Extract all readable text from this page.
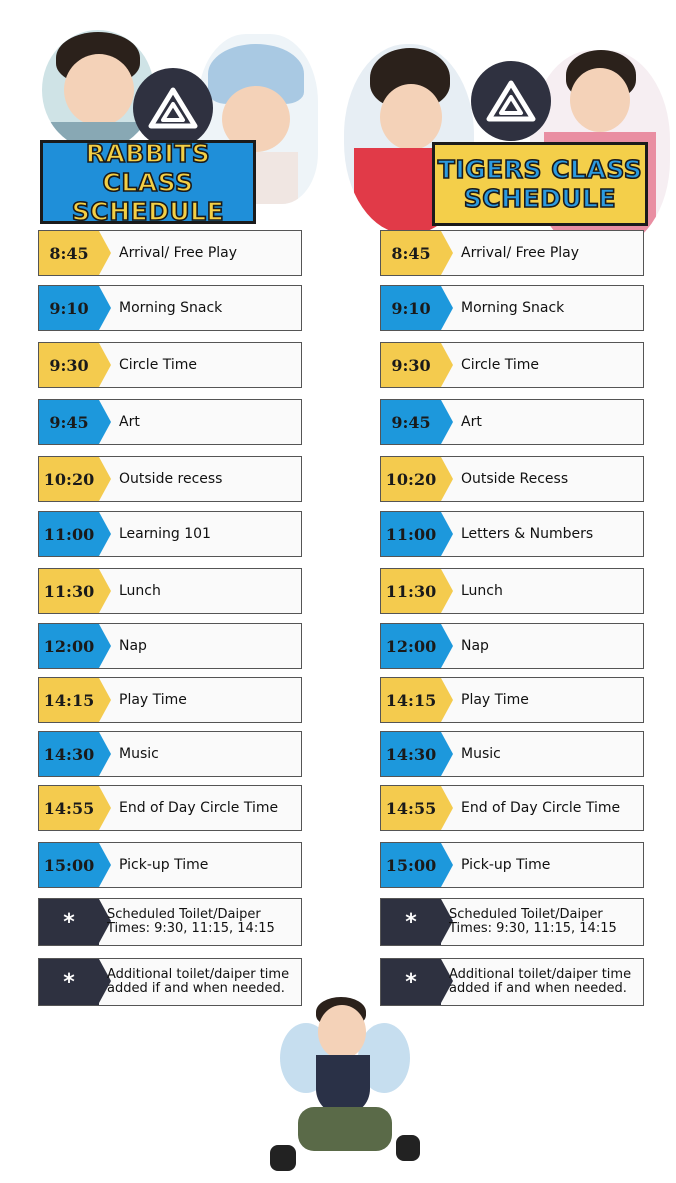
RABBITS CLASS
SCHEDULE
8:45	Arrival/ Free Play
9:10	Morning Snack
9:30	Circle Time
9:45	Art
10:20	Outside recess
11:00	Learning 101
11:30	Lunch
12:00	Nap
14:15	Play Time
14:30	Music
14:55	End of Day Circle Time
15:00	Pick-up Time
*	Scheduled Toilet/Daiper Times: 9:30, 11:15, 14:15
*	Additional toilet/daiper time added if and when needed.
TIGERS CLASS
SCHEDULE
8:45	Arrival/ Free Play
9:10	Morning Snack
9:30	Circle Time
9:45	Art
10:20	Outside Recess
11:00	Letters & Numbers
11:30	Lunch
12:00	Nap
14:15	Play Time
14:30	Music
14:55	End of Day Circle Time
15:00	Pick-up Time
*	Scheduled Toilet/Daiper Times: 9:30, 11:15, 14:15
*	Additional toilet/daiper time added if and when needed.
